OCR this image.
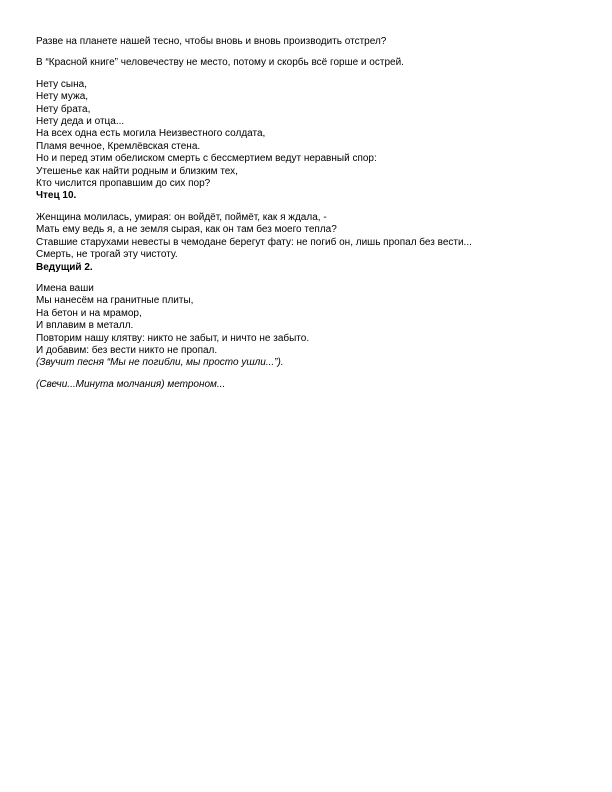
Разве на планете нашей тесно, чтобы вновь и вновь производить отстрел?

В “Красной книге” человечеству не место, потому и скорбь всё горше и острей.

Нету сына,
Нету мужа,
Нету брата,
Нету деда и отца...
На всех одна есть могила Неизвестного солдата,
Пламя вечное, Кремлёвская стена.
Но и перед этим обелиском смерть с бессмертием ведут неравный спор:
Утешенье как найти родным и близким тех,
Кто числится пропавшим до сих пор?
Чтец 10.
Женщина молилась, умирая: он войдёт, поймёт, как я ждала, -
Мать ему ведь я, а не земля сырая, как он там без моего тепла?
Ставшие старухами невесты в чемодане берегут фату: не погиб он, лишь пропал без вести...
Смерть, не трогай эту чистоту.
Ведущий 2.
Имена ваши
Мы нанесём на гранитные плиты,
На бетон и на мрамор,
И вплавим в металл.
Повторим нашу клятву: никто не забыт, и ничто не забыто.
И добавим: без вести никто не пропал.
(Звучит песня “Мы не погибли, мы просто ушли...”).

(Свечи...Минута молчания) метроном...
